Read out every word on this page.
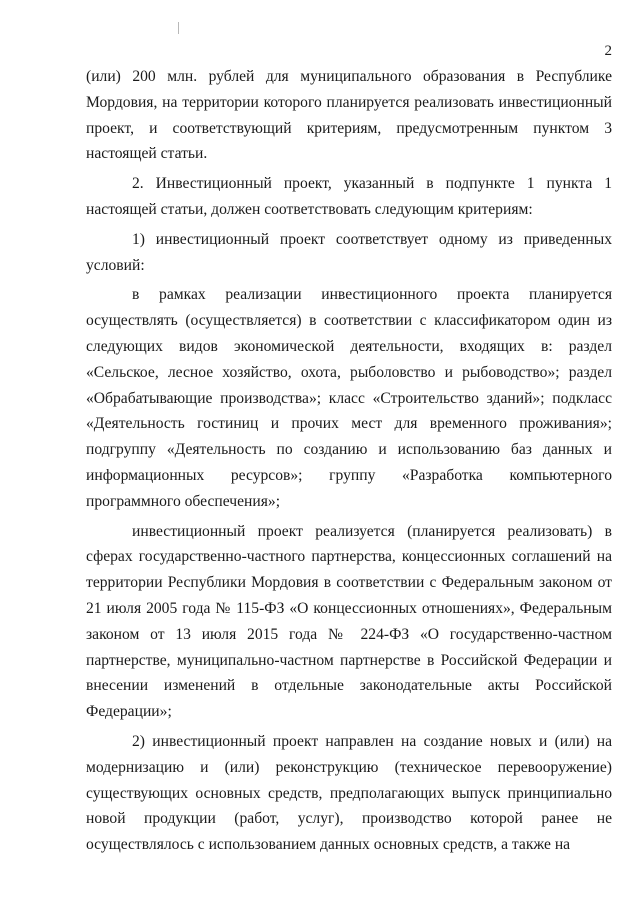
2

(или) 200 млн. рублей для муниципального образования в Республике Мордовия, на территории которого планируется реализовать инвестиционный проект, и соответствующий критериям, предусмотренным пунктом 3 настоящей статьи.

2. Инвестиционный проект, указанный в подпункте 1 пункта 1 настоящей статьи, должен соответствовать следующим критериям:

1) инвестиционный проект соответствует одному из приведенных условий:

в рамках реализации инвестиционного проекта планируется осуществлять (осуществляется) в соответствии с классификатором один из следующих видов экономической деятельности, входящих в: раздел «Сельское, лесное хозяйство, охота, рыболовство и рыбоводство»; раздел «Обрабатывающие производства»; класс «Строительство зданий»; подкласс «Деятельность гостиниц и прочих мест для временного проживания»; подгруппу «Деятельность по созданию и использованию баз данных и информационных ресурсов»; группу «Разработка компьютерного программного обеспечения»;

инвестиционный проект реализуется (планируется реализовать) в сферах государственно-частного партнерства, концессионных соглашений на территории Республики Мордовия в соответствии с Федеральным законом от 21 июля 2005 года № 115-ФЗ «О концессионных отношениях», Федеральным законом от 13 июля 2015 года № 224-ФЗ «О государственно-частном партнерстве, муниципально-частном партнерстве в Российской Федерации и внесении изменений в отдельные законодательные акты Российской Федерации»;

2) инвестиционный проект направлен на создание новых и (или) на модернизацию и (или) реконструкцию (техническое перевооружение) существующих основных средств, предполагающих выпуск принципиально новой продукции (работ, услуг), производство которой ранее не осуществлялось с использованием данных основных средств, а также на
